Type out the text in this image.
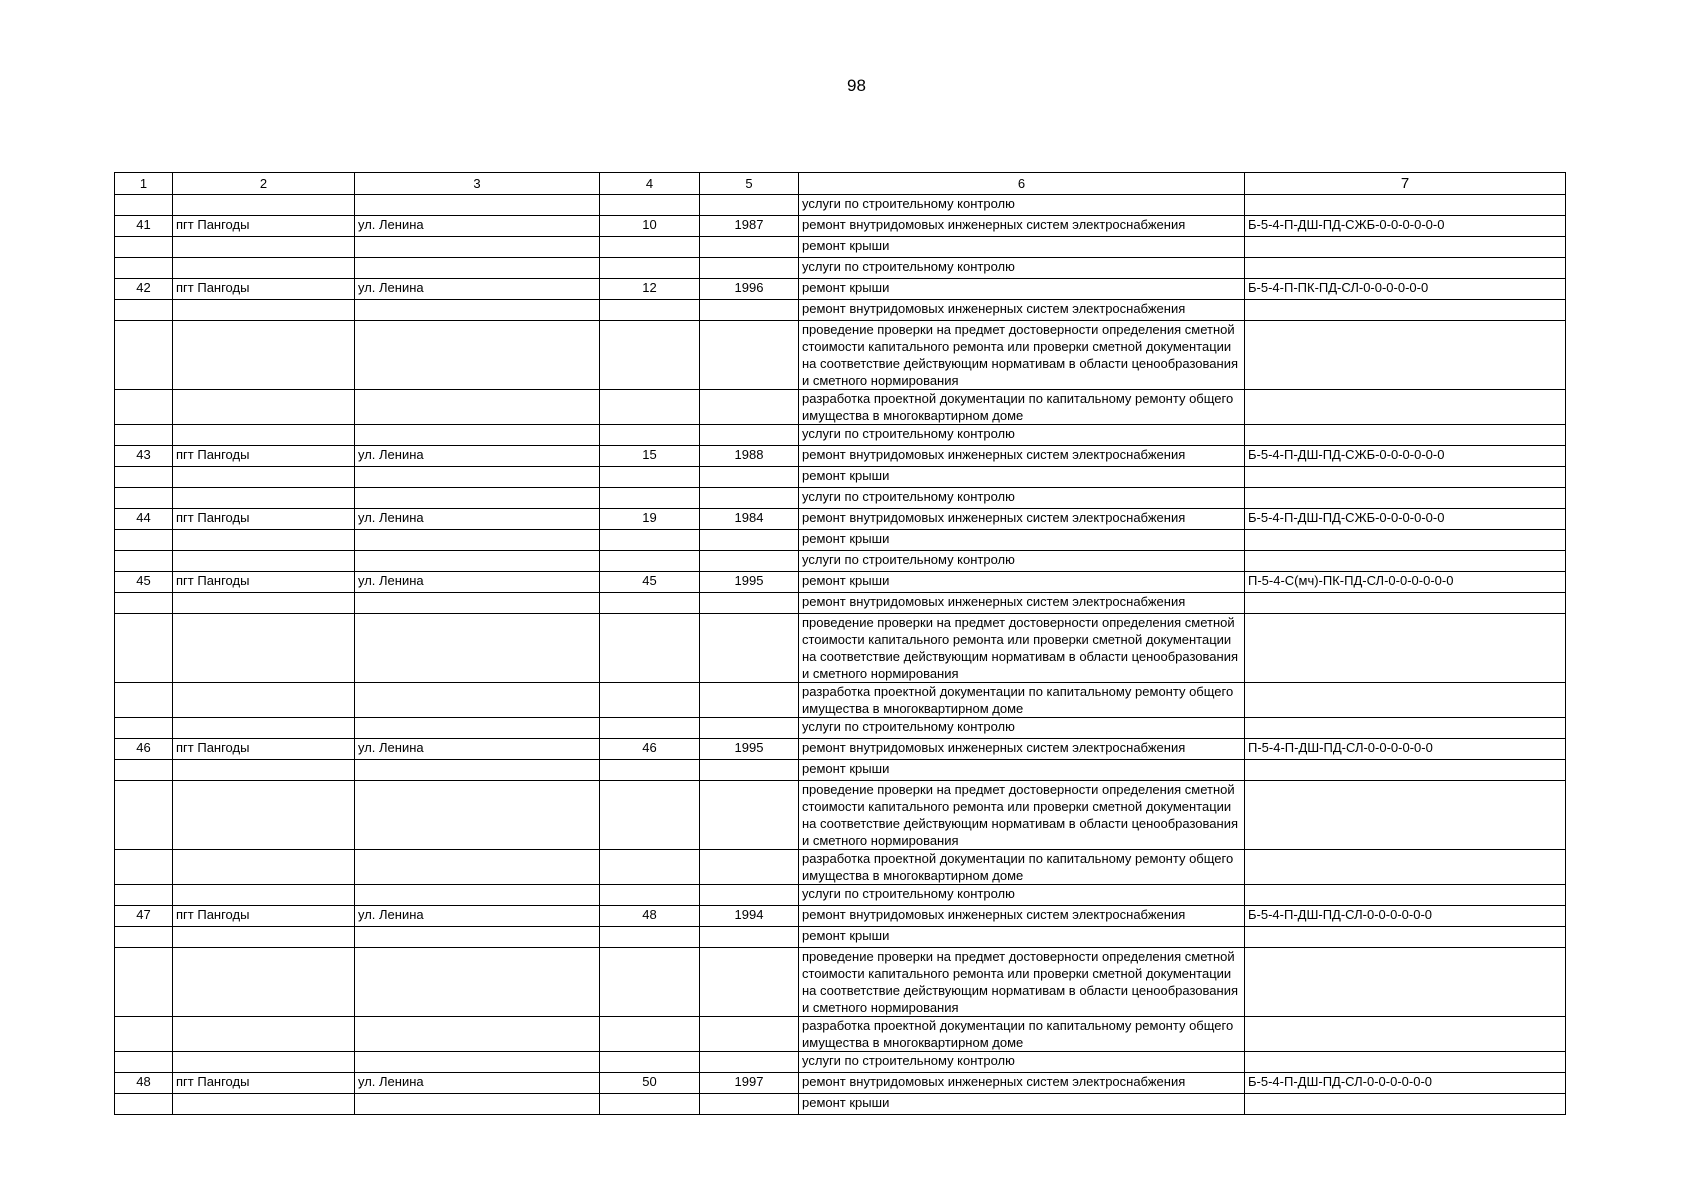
98
1	2	3	4	5	6	7
					услуги по строительному контролю	
41	пгт Пангоды	ул. Ленина	10	1987	ремонт внутридомовых инженерных систем электроснабжения	Б-5-4-П-ДШ-ПД-СЖБ-0-0-0-0-0-0
					ремонт крыши	
					услуги по строительному контролю	
42	пгт Пангоды	ул. Ленина	12	1996	ремонт крыши	Б-5-4-П-ПК-ПД-СЛ-0-0-0-0-0-0
					ремонт внутридомовых инженерных систем электроснабжения	
					проведение проверки на предмет достоверности определения сметной стоимости капитального ремонта или проверки сметной документации на соответствие действующим нормативам в области ценообразования и сметного нормирования	
					разработка проектной документации по капитальному ремонту общего имущества в многоквартирном доме	
					услуги по строительному контролю	
43	пгт Пангоды	ул. Ленина	15	1988	ремонт внутридомовых инженерных систем электроснабжения	Б-5-4-П-ДШ-ПД-СЖБ-0-0-0-0-0-0
					ремонт крыши	
					услуги по строительному контролю	
44	пгт Пангоды	ул. Ленина	19	1984	ремонт внутридомовых инженерных систем электроснабжения	Б-5-4-П-ДШ-ПД-СЖБ-0-0-0-0-0-0
					ремонт крыши	
					услуги по строительному контролю	
45	пгт Пангоды	ул. Ленина	45	1995	ремонт крыши	П-5-4-С(мч)-ПК-ПД-СЛ-0-0-0-0-0-0
					ремонт внутридомовых инженерных систем электроснабжения	
					проведение проверки на предмет достоверности определения сметной стоимости капитального ремонта или проверки сметной документации на соответствие действующим нормативам в области ценообразования и сметного нормирования	
					разработка проектной документации по капитальному ремонту общего имущества в многоквартирном доме	
					услуги по строительному контролю	
46	пгт Пангоды	ул. Ленина	46	1995	ремонт внутридомовых инженерных систем электроснабжения	П-5-4-П-ДШ-ПД-СЛ-0-0-0-0-0-0
					ремонт крыши	
					проведение проверки на предмет достоверности определения сметной стоимости капитального ремонта или проверки сметной документации на соответствие действующим нормативам в области ценообразования и сметного нормирования	
					разработка проектной документации по капитальному ремонту общего имущества в многоквартирном доме	
					услуги по строительному контролю	
47	пгт Пангоды	ул. Ленина	48	1994	ремонт внутридомовых инженерных систем электроснабжения	Б-5-4-П-ДШ-ПД-СЛ-0-0-0-0-0-0
					ремонт крыши	
					проведение проверки на предмет достоверности определения сметной стоимости капитального ремонта или проверки сметной документации на соответствие действующим нормативам в области ценообразования и сметного нормирования	
					разработка проектной документации по капитальному ремонту общего имущества в многоквартирном доме	
					услуги по строительному контролю	
48	пгт Пангоды	ул. Ленина	50	1997	ремонт внутридомовых инженерных систем электроснабжения	Б-5-4-П-ДШ-ПД-СЛ-0-0-0-0-0-0
					ремонт крыши	
